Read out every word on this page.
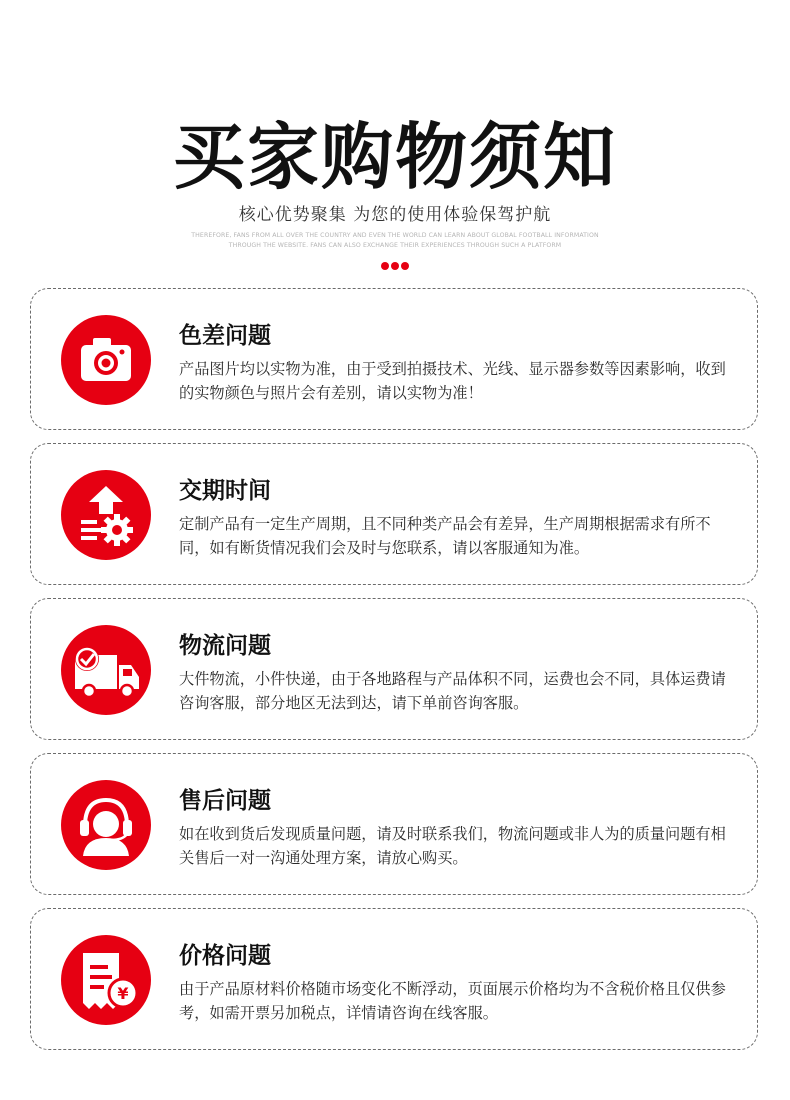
买家购物须知
核心优势聚集 为您的使用体验保驾护航
THEREFORE, FANS FROM ALL OVER THE COUNTRY AND EVEN THE WORLD CAN LEARN ABOUT GLOBAL FOOTBALL INFORMATION
THROUGH THE WEBSITE. FANS CAN ALSO EXCHANGE THEIR EXPERIENCES THROUGH SUCH A PLATFORM
色差问题
产品图片均以实物为准，由于受到拍摄技术、光线、显示器参数等因素影响，收到的实物颜色与照片会有差别，请以实物为准！
交期时间
定制产品有一定生产周期，且不同种类产品会有差异，生产周期根据需求有所不同，如有断货情况我们会及时与您联系，请以客服通知为准。
物流问题
大件物流，小件快递，由于各地路程与产品体积不同，运费也会不同，具体运费请咨询客服，部分地区无法到达，请下单前咨询客服。
售后问题
如在收到货后发现质量问题，请及时联系我们，物流问题或非人为的质量问题有相关售后一对一沟通处理方案，请放心购买。
¥
价格问题
由于产品原材料价格随市场变化不断浮动，页面展示价格均为不含税价格且仅供参考，如需开票另加税点，详情请咨询在线客服。
